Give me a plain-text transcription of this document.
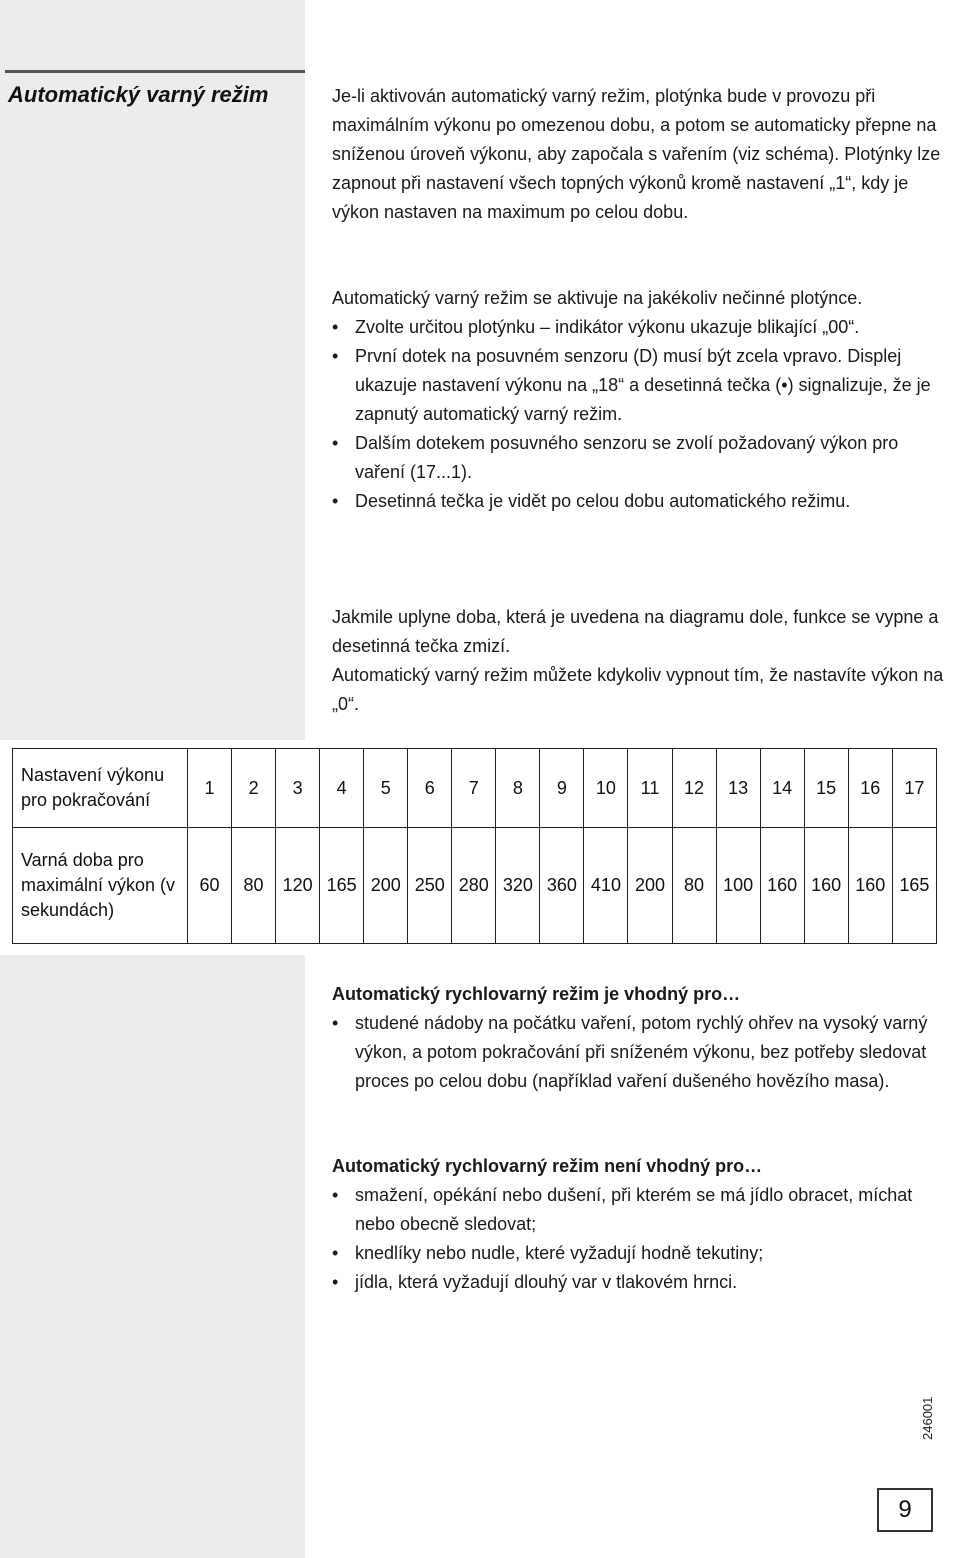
Automatický varný režim	Je-li aktivován automatický varný režim, plotýnka bude v provozu při maximálním výkonu po omezenou dobu, a potom se automaticky přepne na sníženou úroveň výkonu, aby započala s vařením (viz schéma). Plotýnky lze zapnout při nastavení všech topných výkonů kromě nastavení „1“, kdy je výkon nastaven na maximum po celou dobu.

Automatický varný režim se aktivuje na jakékoliv nečinné plotýnce.

• Zvolte určitou plotýnku – indikátor výkonu ukazuje blikající „00“.
• První dotek na posuvném senzoru (D) musí být zcela vpravo. Displej ukazuje nastavení výkonu na „18“ a desetinná tečka (•) signalizuje, že je zapnutý automatický varný režim.
• Dalším dotekem posuvného senzoru se zvolí požadovaný výkon pro vaření (17...1).
• Desetinná tečka je vidět po celou dobu automatického režimu.

Jakmile uplyne doba, která je uvedena na diagramu dole, funkce se vypne a desetinná tečka zmizí.

Automatický varný režim můžete kdykoliv vypnout tím, že nastavíte výkon na „0“.

Nastavení výkonu pro pokračování	1	2	3	4	5	6	7	8	9	10	11	12	13	14	15	16	17
Varná doba pro maximální výkon (v sekundách)	60	80	120	165	200	250	280	320	360	410	200	80	100	160	160	160	165

Automatický rychlovarný režim je vhodný pro…

• studené nádoby na počátku vaření, potom rychlý ohřev na vysoký varný výkon, a potom pokračování při sníženém výkonu, bez potřeby sledovat proces po celou dobu (například vaření dušeného hovězího masa).

Automatický rychlovarný režim není vhodný pro…

• smažení, opékání nebo dušení, při kterém se má jídlo obracet, míchat nebo obecně sledovat;
• knedlíky nebo nudle, které vyžadují hodně tekutiny;
• jídla, která vyžadují dlouhý var v tlakovém hrnci.
246001
9
